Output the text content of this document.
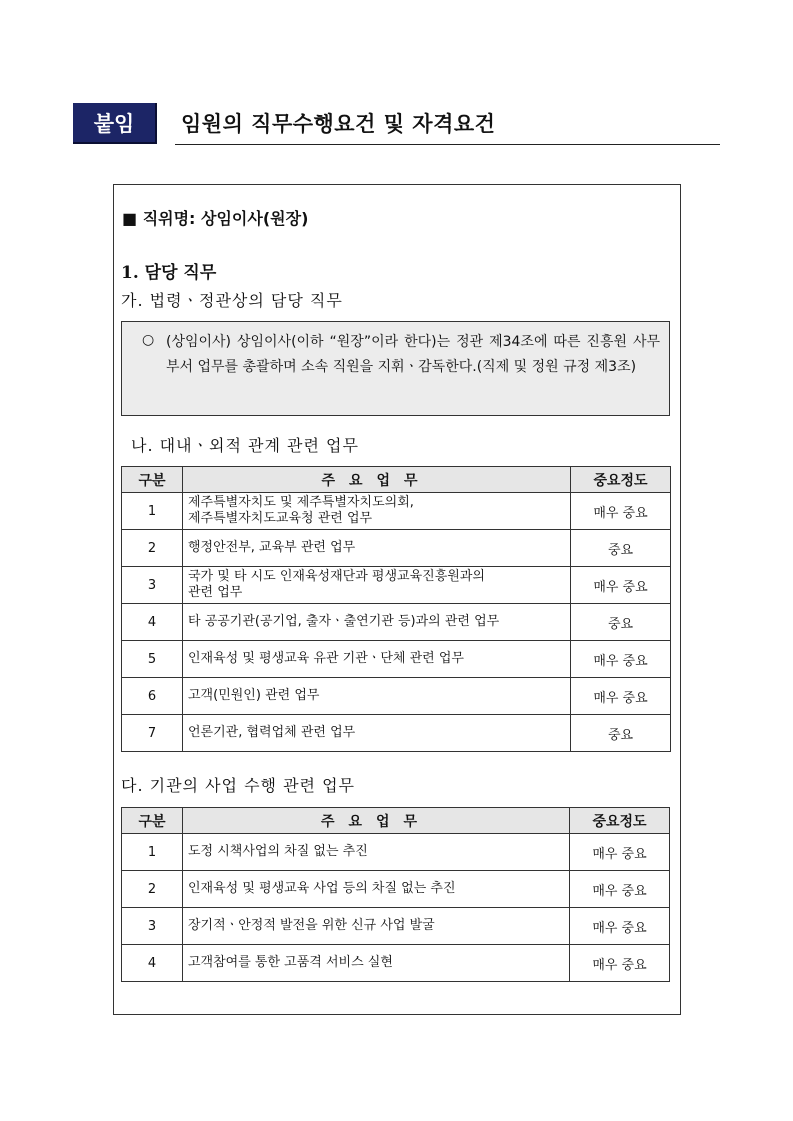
붙임	임원의 직무수행요건 및 자격요건
■ 직위명: 상임이사(원장)
1. 담당 직무
가. 법령ㆍ정관상의 담당 직무
○ (상임이사) 상임이사(이하 “원장”이라 한다)는 정관 제34조에 따른 진흥원 사무부서 업무를 총괄하며 소속 직원을 지휘ㆍ감독한다.(직제 및 정원 규정 제3조)
나. 대내ㆍ외적 관계 관련 업무
구분	주요업무	중요정도
1	제주특별자치도 및 제주특별자치도의회,
제주특별자치도교육청 관련 업무	매우 중요
2	행정안전부, 교육부 관련 업무	중요
3	국가 및 타 시도 인재육성재단과 평생교육진흥원과의
관련 업무	매우 중요
4	타 공공기관(공기업, 출자ㆍ출연기관 등)과의 관련 업무	중요
5	인재육성 및 평생교육 유관 기관ㆍ단체 관련 업무	매우 중요
6	고객(민원인) 관련 업무	매우 중요
7	언론기관, 협력업체 관련 업무	중요
다. 기관의 사업 수행 관련 업무
구분	주요업무	중요정도
1	도정 시책사업의 차질 없는 추진	매우 중요
2	인재육성 및 평생교육 사업 등의 차질 없는 추진	매우 중요
3	장기적ㆍ안정적 발전을 위한 신규 사업 발굴	매우 중요
4	고객참여를 통한 고품격 서비스 실현	매우 중요
